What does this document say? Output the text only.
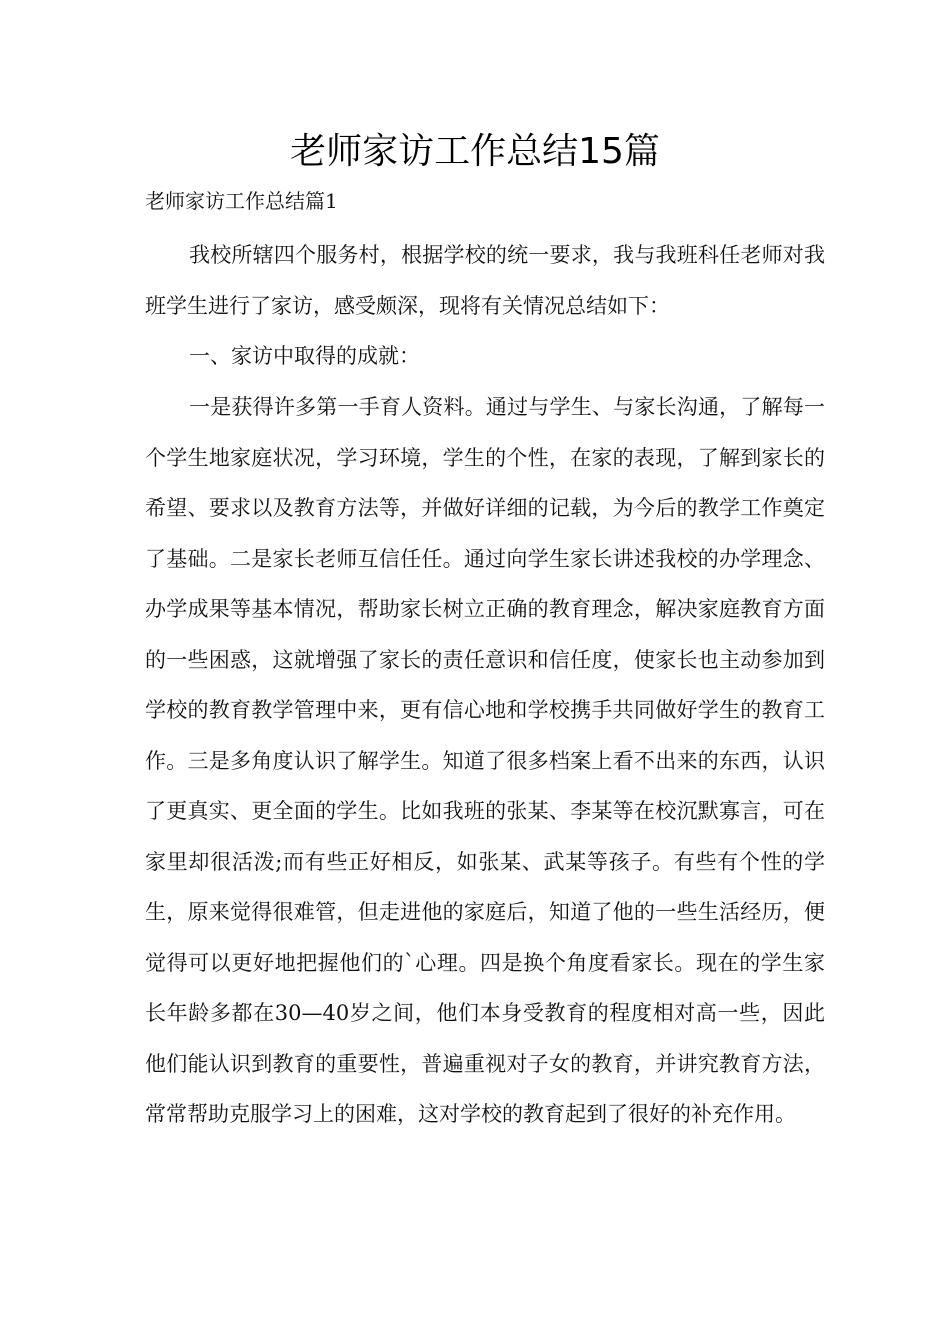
老师家访工作总结15篇
老师家访工作总结篇1

我校所辖四个服务村，根据学校的统一要求，我与我班科任老师对我班学生进行了家访，感受颇深，现将有关情况总结如下：

一、家访中取得的成就：

一是获得许多第一手育人资料。通过与学生、与家长沟通，了解每一个学生地家庭状况，学习环境，学生的个性，在家的表现，了解到家长的希望、要求以及教育方法等，并做好详细的记载，为今后的教学工作奠定了基础。二是家长老师互信任任。通过向学生家长讲述我校的办学理念、办学成果等基本情况，帮助家长树立正确的教育理念，解决家庭教育方面的一些困惑，这就增强了家长的责任意识和信任度，使家长也主动参加到学校的教育教学管理中来，更有信心地和学校携手共同做好学生的教育工作。三是多角度认识了解学生。知道了很多档案上看不出来的东西，认识了更真实、更全面的学生。比如我班的张某、李某等在校沉默寡言，可在家里却很活泼;而有些正好相反，如张某、武某等孩子。有些有个性的学生，原来觉得很难管，但走进他的家庭后，知道了他的一些生活经历，便觉得可以更好地把握他们的`心理。四是换个角度看家长。现在的学生家长年龄多都在30—40岁之间，他们本身受教育的程度相对高一些，因此他们能认识到教育的重要性，普遍重视对子女的教育，并讲究教育方法，常常帮助克服学习上的困难，这对学校的教育起到了很好的补充作用。
